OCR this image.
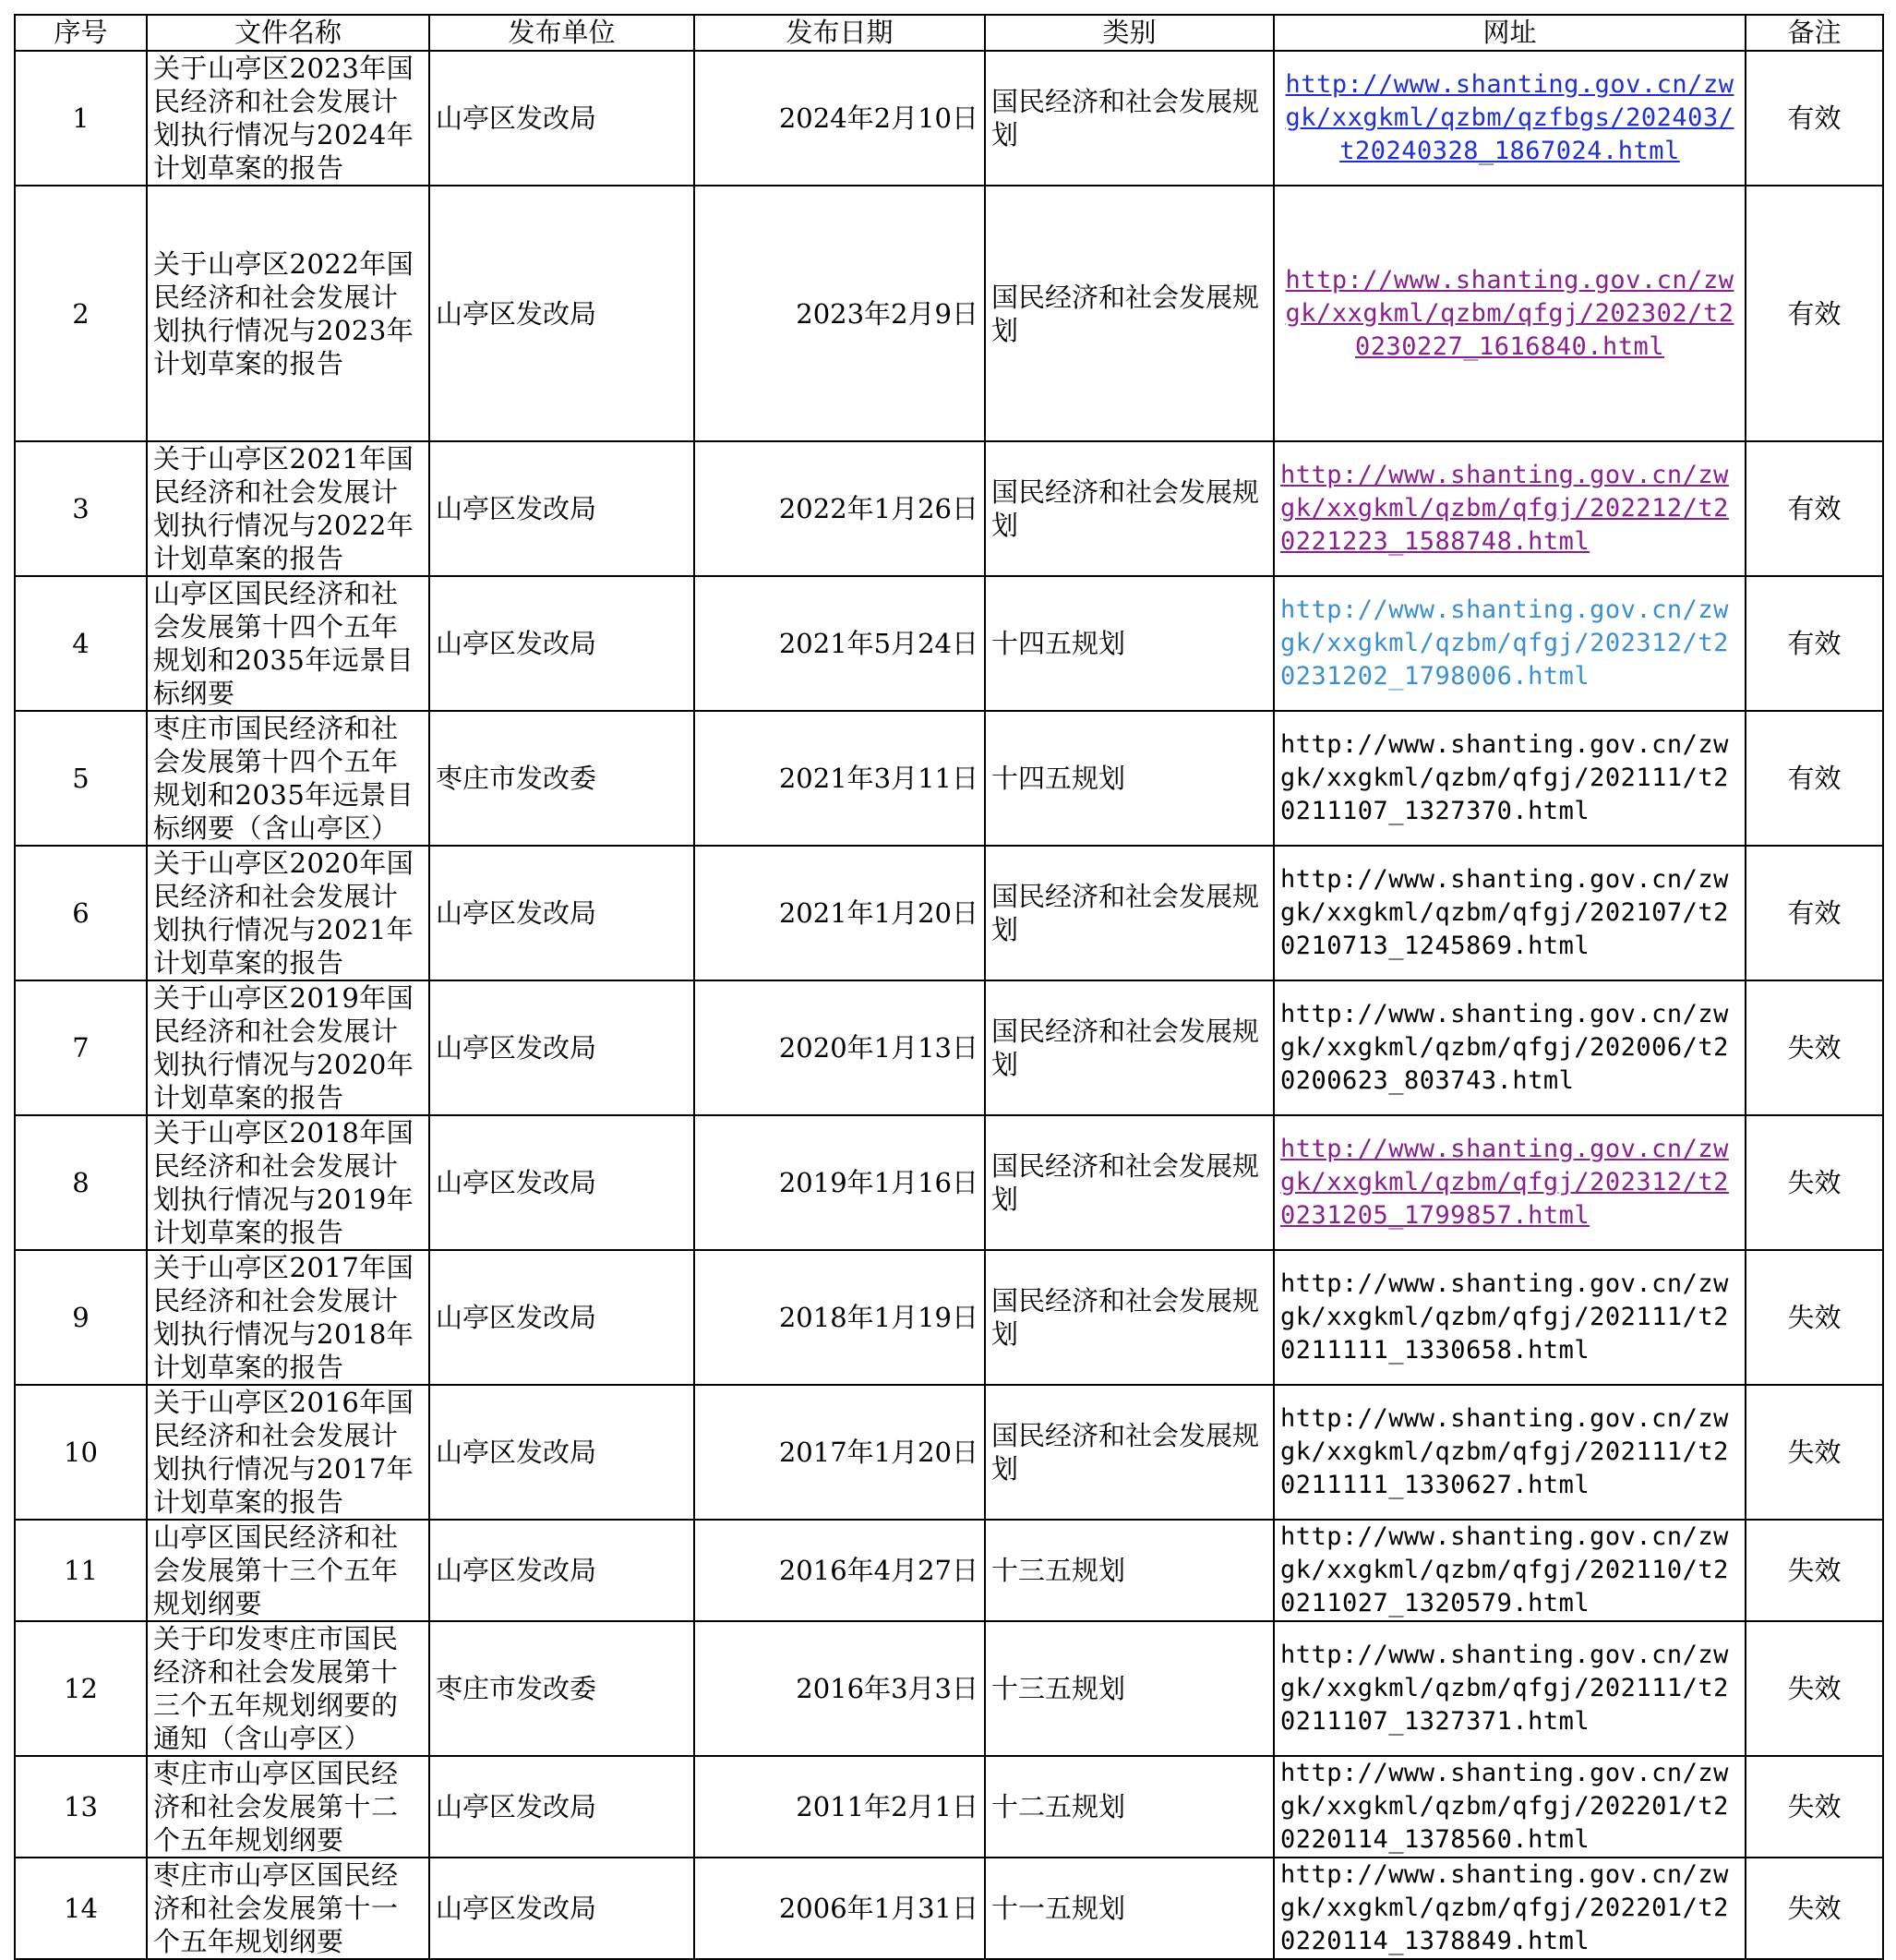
序号	文件名称	发布单位	发布日期	类别	网址	备注
1	关于山亭区2023年国民经济和社会发展计划执行情况与2024年计划草案的报告	山亭区发改局	2024年2月10日	国民经济和社会发展规划	http://www.shanting.gov.cn/zwgk/xxgkml/qzbm/qzfbgs/202403/t20240328_1867024.html	有效
2	关于山亭区2022年国民经济和社会发展计划执行情况与2023年计划草案的报告	山亭区发改局	2023年2月9日	国民经济和社会发展规划	http://www.shanting.gov.cn/zwgk/xxgkml/qzbm/qfgj/202302/t20230227_1616840.html	有效
3	关于山亭区2021年国民经济和社会发展计划执行情况与2022年计划草案的报告	山亭区发改局	2022年1月26日	国民经济和社会发展规划	http://www.shanting.gov.cn/zwgk/xxgkml/qzbm/qfgj/202212/t20221223_1588748.html	有效
4	山亭区国民经济和社会发展第十四个五年规划和2035年远景目标纲要	山亭区发改局	2021年5月24日	十四五规划	http://www.shanting.gov.cn/zwgk/xxgkml/qzbm/qfgj/202312/t20231202_1798006.html	有效
5	枣庄市国民经济和社会发展第十四个五年规划和2035年远景目标纲要（含山亭区）	枣庄市发改委	2021年3月11日	十四五规划	http://www.shanting.gov.cn/zwgk/xxgkml/qzbm/qfgj/202111/t20211107_1327370.html	有效
6	关于山亭区2020年国民经济和社会发展计划执行情况与2021年计划草案的报告	山亭区发改局	2021年1月20日	国民经济和社会发展规划	http://www.shanting.gov.cn/zwgk/xxgkml/qzbm/qfgj/202107/t20210713_1245869.html	有效
7	关于山亭区2019年国民经济和社会发展计划执行情况与2020年计划草案的报告	山亭区发改局	2020年1月13日	国民经济和社会发展规划	http://www.shanting.gov.cn/zwgk/xxgkml/qzbm/qfgj/202006/t20200623_803743.html	失效
8	关于山亭区2018年国民经济和社会发展计划执行情况与2019年计划草案的报告	山亭区发改局	2019年1月16日	国民经济和社会发展规划	http://www.shanting.gov.cn/zwgk/xxgkml/qzbm/qfgj/202312/t20231205_1799857.html	失效
9	关于山亭区2017年国民经济和社会发展计划执行情况与2018年计划草案的报告	山亭区发改局	2018年1月19日	国民经济和社会发展规划	http://www.shanting.gov.cn/zwgk/xxgkml/qzbm/qfgj/202111/t20211111_1330658.html	失效
10	关于山亭区2016年国民经济和社会发展计划执行情况与2017年计划草案的报告	山亭区发改局	2017年1月20日	国民经济和社会发展规划	http://www.shanting.gov.cn/zwgk/xxgkml/qzbm/qfgj/202111/t20211111_1330627.html	失效
11	山亭区国民经济和社会发展第十三个五年规划纲要	山亭区发改局	2016年4月27日	十三五规划	http://www.shanting.gov.cn/zwgk/xxgkml/qzbm/qfgj/202110/t20211027_1320579.html	失效
12	关于印发枣庄市国民经济和社会发展第十三个五年规划纲要的通知（含山亭区）	枣庄市发改委	2016年3月3日	十三五规划	http://www.shanting.gov.cn/zwgk/xxgkml/qzbm/qfgj/202111/t20211107_1327371.html	失效
13	枣庄市山亭区国民经济和社会发展第十二个五年规划纲要	山亭区发改局	2011年2月1日	十二五规划	http://www.shanting.gov.cn/zwgk/xxgkml/qzbm/qfgj/202201/t20220114_1378560.html	失效
14	枣庄市山亭区国民经济和社会发展第十一个五年规划纲要	山亭区发改局	2006年1月31日	十一五规划	http://www.shanting.gov.cn/zwgk/xxgkml/qzbm/qfgj/202201/t20220114_1378849.html	失效
